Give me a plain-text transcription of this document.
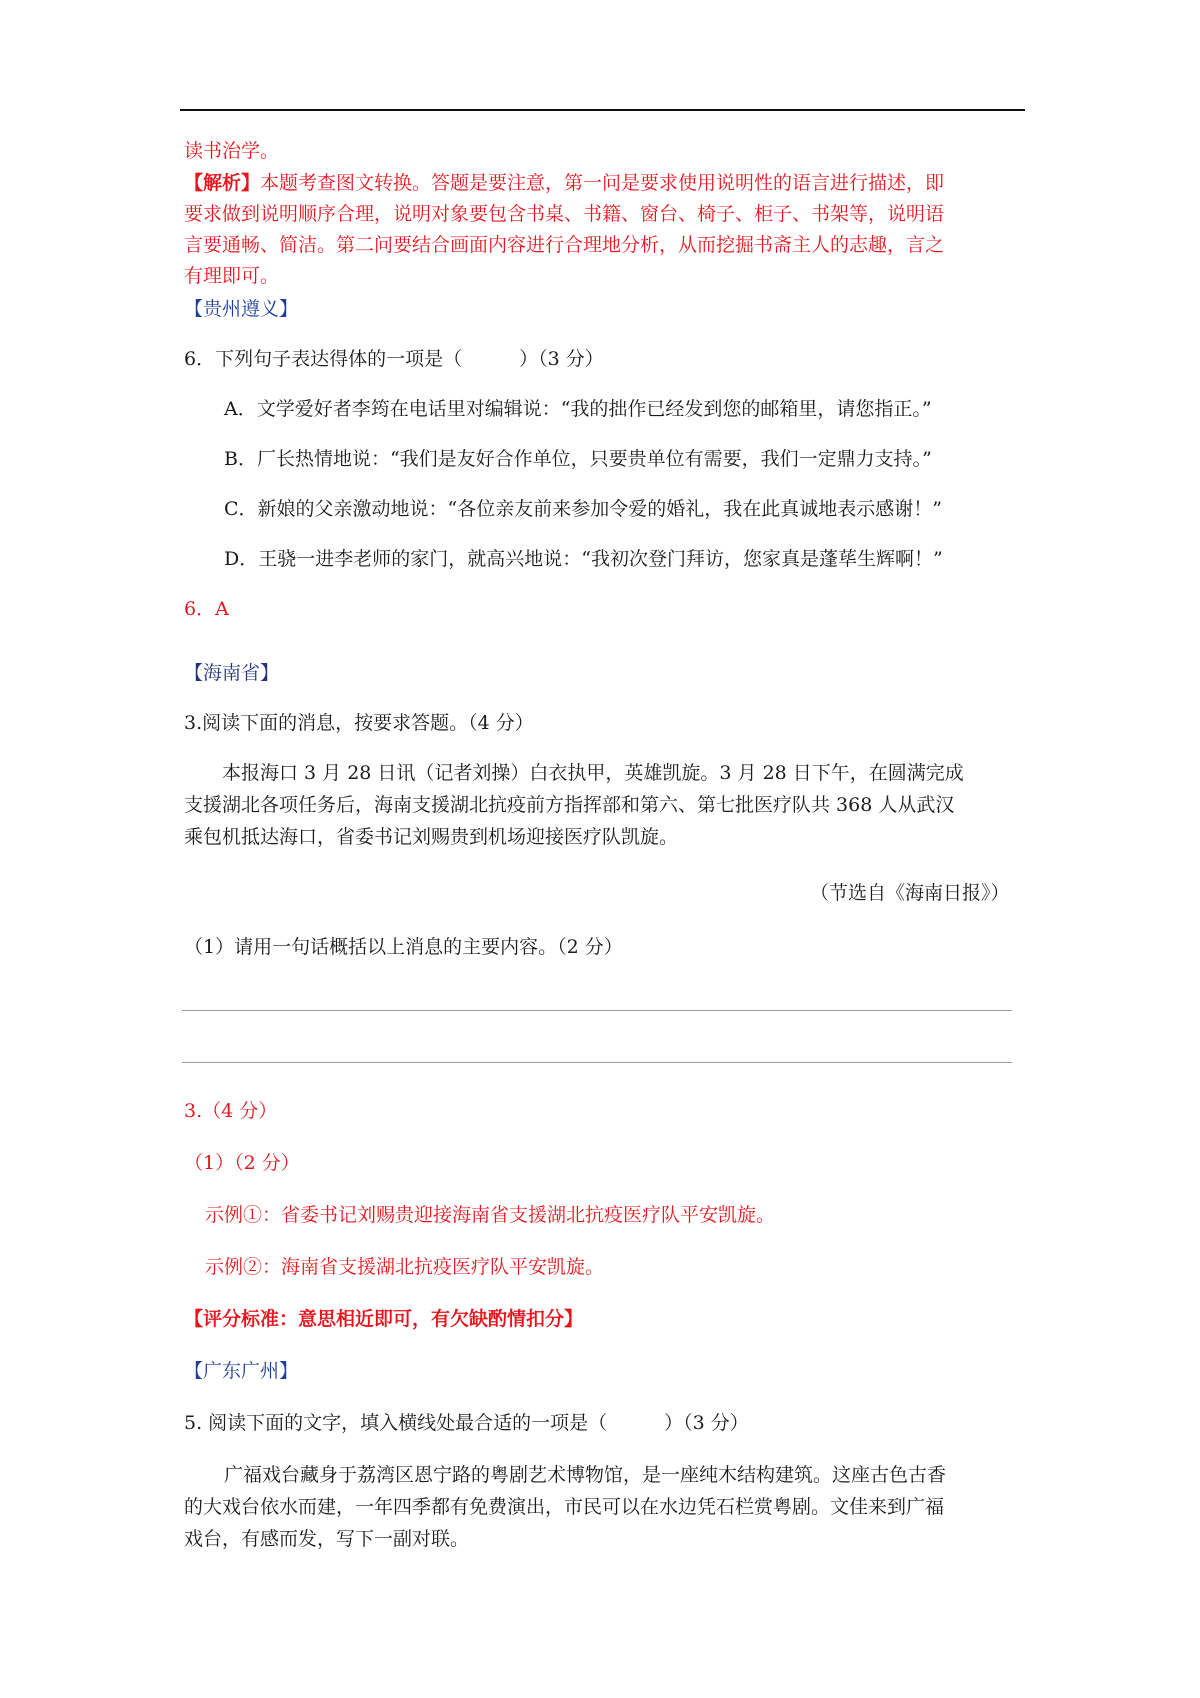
读书治学。
【解析】本题考查图文转换。答题是要注意，第一问是要求使用说明性的语言进行描述，即
要求做到说明顺序合理，说明对象要包含书桌、书籍、窗台、椅子、柜子、书架等，说明语
言要通畅、简洁。第二问要结合画面内容进行合理地分析，从而挖掘书斋主人的志趣，言之
有理即可。
【贵州遵义】
6．下列句子表达得体的一项是（　　　）（3 分）
A．文学爱好者李筠在电话里对编辑说：“我的拙作已经发到您的邮箱里，请您指正。”
B．厂长热情地说：“我们是友好合作单位，只要贵单位有需要，我们一定鼎力支持。”
C．新娘的父亲激动地说：“各位亲友前来参加令爱的婚礼，我在此真诚地表示感谢！”
D．王骁一进李老师的家门，就高兴地说：“我初次登门拜访，您家真是蓬荜生辉啊！”
6．A
【海南省】
3.阅读下面的消息，按要求答题。（4 分）
本报海口 3 月 28 日讯（记者刘操）白衣执甲，英雄凯旋。3 月 28 日下午，在圆满完成
支援湖北各项任务后，海南支援湖北抗疫前方指挥部和第六、第七批医疗队共 368 人从武汉
乘包机抵达海口，省委书记刘赐贵到机场迎接医疗队凯旋。
（节选自《海南日报》）
（1）请用一句话概括以上消息的主要内容。（2 分）
3.（4 分）
（1）（2 分）
示例①：省委书记刘赐贵迎接海南省支援湖北抗疫医疗队平安凯旋。
示例②：海南省支援湖北抗疫医疗队平安凯旋。
【评分标准：意思相近即可，有欠缺酌情扣分】
【广东广州】
5. 阅读下面的文字，填入横线处最合适的一项是（　　　）（3 分）
广福戏台藏身于荔湾区恩宁路的粤剧艺术博物馆，是一座纯木结构建筑。这座古色古香
的大戏台依水而建，一年四季都有免费演出，市民可以在水边凭石栏赏粤剧。文佳来到广福
戏台，有感而发，写下一副对联。
